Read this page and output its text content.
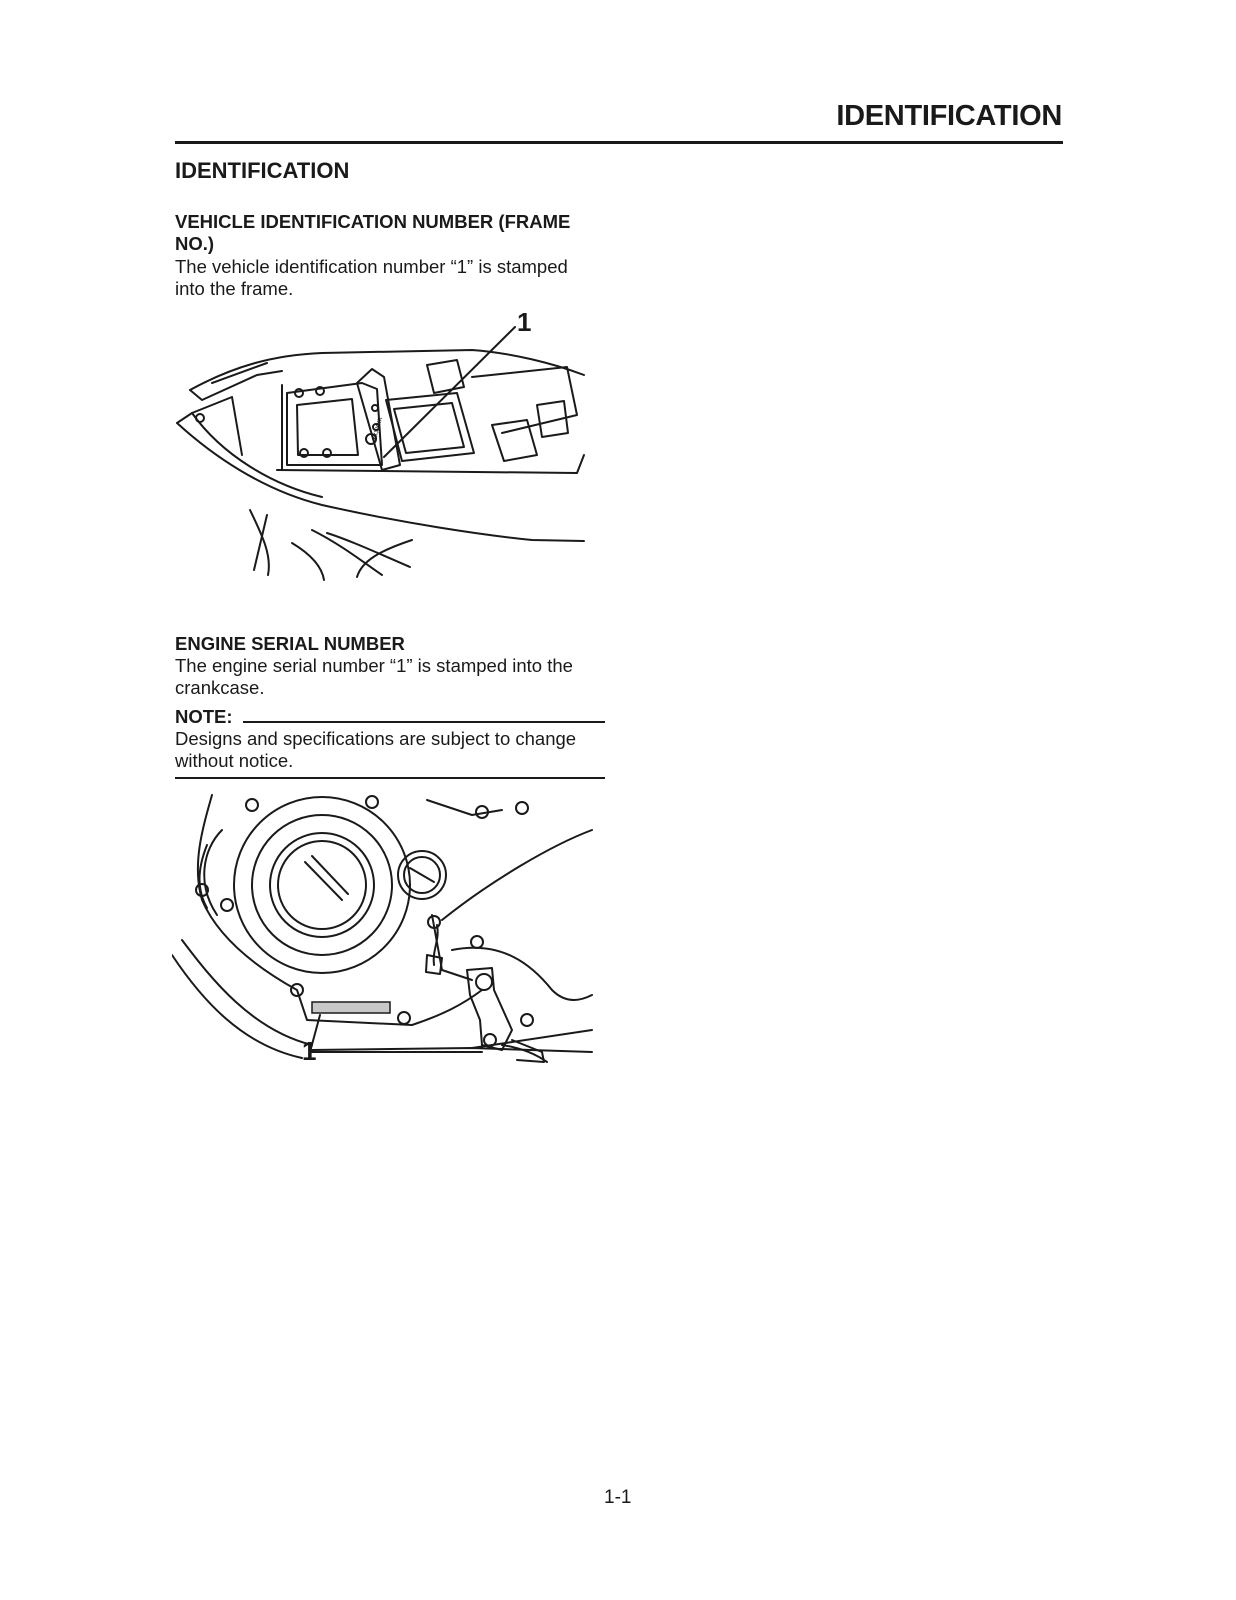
IDENTIFICATION
IDENTIFICATION
VEHICLE IDENTIFICATION NUMBER (FRAME
NO.)

The vehicle identification number “1” is stamped

into the frame.

xxxxxx
1
ENGINE SERIAL NUMBER

The engine serial number “1” is stamped into the

crankcase.

NOTE:

Designs and specifications are subject to change

without notice.

1

1-1
